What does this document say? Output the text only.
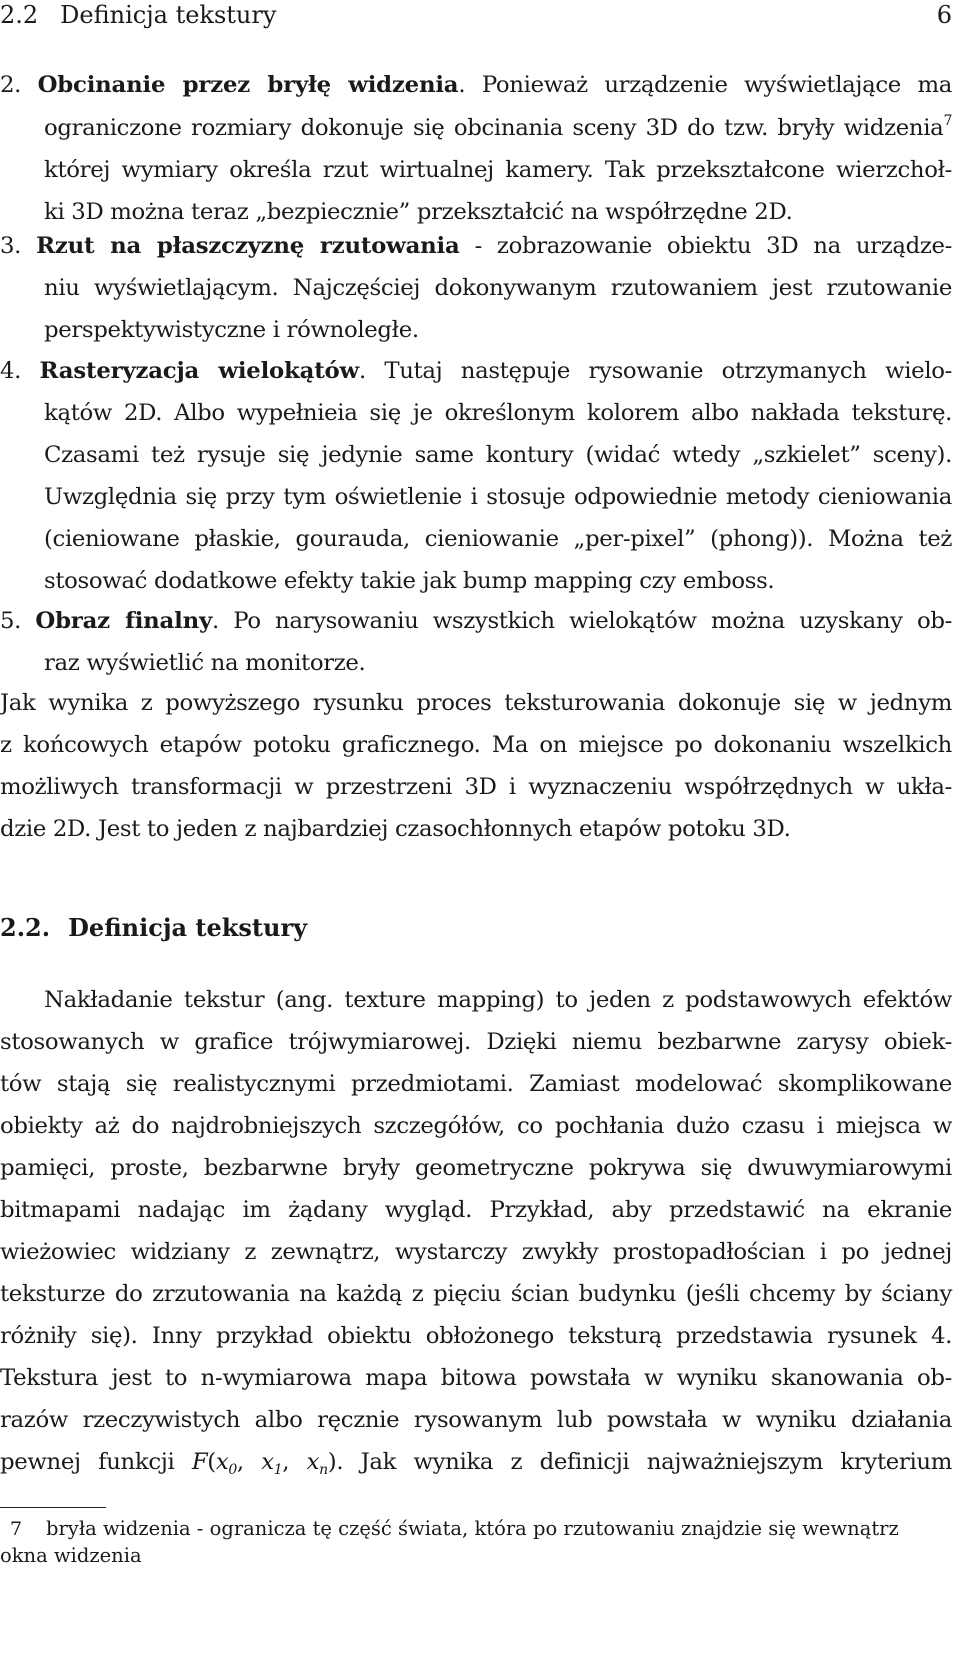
2.2 Definicja tekstury	6
2. Obcinanie przez bryłę widzenia. Ponieważ urządzenie wyświetlające ma
ograniczone rozmiary dokonuje się obcinania sceny 3D do tzw. bryły widzenia$^7$
której wymiary określa rzut wirtualnej kamery. Tak przekształcone wierzchoł-
ki 3D można teraz „bezpiecznie” przekształcić na współrzędne 2D.
3. Rzut na płaszczyznę rzutowania - zobrazowanie obiektu 3D na urządze-
niu wyświetlającym. Najczęściej dokonywanym rzutowaniem jest rzutowanie
perspektywistyczne i równoległe.
4. Rasteryzacja wielokątów. Tutaj następuje rysowanie otrzymanych wielo-
kątów 2D. Albo wypełnieia się je określonym kolorem albo nakłada teksturę.
Czasami też rysuje się jedynie same kontury (widać wtedy „szkielet” sceny).
Uwzględnia się przy tym oświetlenie i stosuje odpowiednie metody cieniowania
(cieniowane płaskie, gourauda, cieniowanie „per-pixel” (phong)). Można też
stosować dodatkowe efekty takie jak bump mapping czy emboss.
5. Obraz finalny. Po narysowaniu wszystkich wielokątów można uzyskany ob-
raz wyświetlić na monitorze.
Jak wynika z powyższego rysunku proces teksturowania dokonuje się w jednym
z końcowych etapów potoku graficznego. Ma on miejsce po dokonaniu wszelkich
możliwych transformacji w przestrzeni 3D i wyznaczeniu współrzędnych w ukła-
dzie 2D. Jest to jeden z najbardziej czasochłonnych etapów potoku 3D.
2.2. Definicja tekstury
Nakładanie tekstur (ang. texture mapping) to jeden z podstawowych efektów
stosowanych w grafice trójwymiarowej. Dzięki niemu bezbarwne zarysy obiek-
tów stają się realistycznymi przedmiotami. Zamiast modelować skomplikowane
obiekty aż do najdrobniejszych szczegółów, co pochłania dużo czasu i miejsca w
pamięci, proste, bezbarwne bryły geometryczne pokrywa się dwuwymiarowymi
bitmapami nadając im żądany wygląd. Przykład, aby przedstawić na ekranie
wieżowiec widziany z zewnątrz, wystarczy zwykły prostopadłościan i po jednej
teksturze do zrzutowania na każdą z pięciu ścian budynku (jeśli chcemy by ściany
różniły się). Inny przykład obiektu obłożonego teksturą przedstawia rysunek 4.
Tekstura jest to n-wymiarowa mapa bitowa powstała w wyniku skanowania ob-
razów rzeczywistych albo ręcznie rysowanym lub powstała w wyniku działania
pewnej funkcji $F(x_0$, $x_1$, $x_n$). Jak wynika z definicji najważniejszym kryterium
7 bryła widzenia - ogranicza tę część świata, która po rzutowaniu znajdzie się wewnątrz
okna widzenia
